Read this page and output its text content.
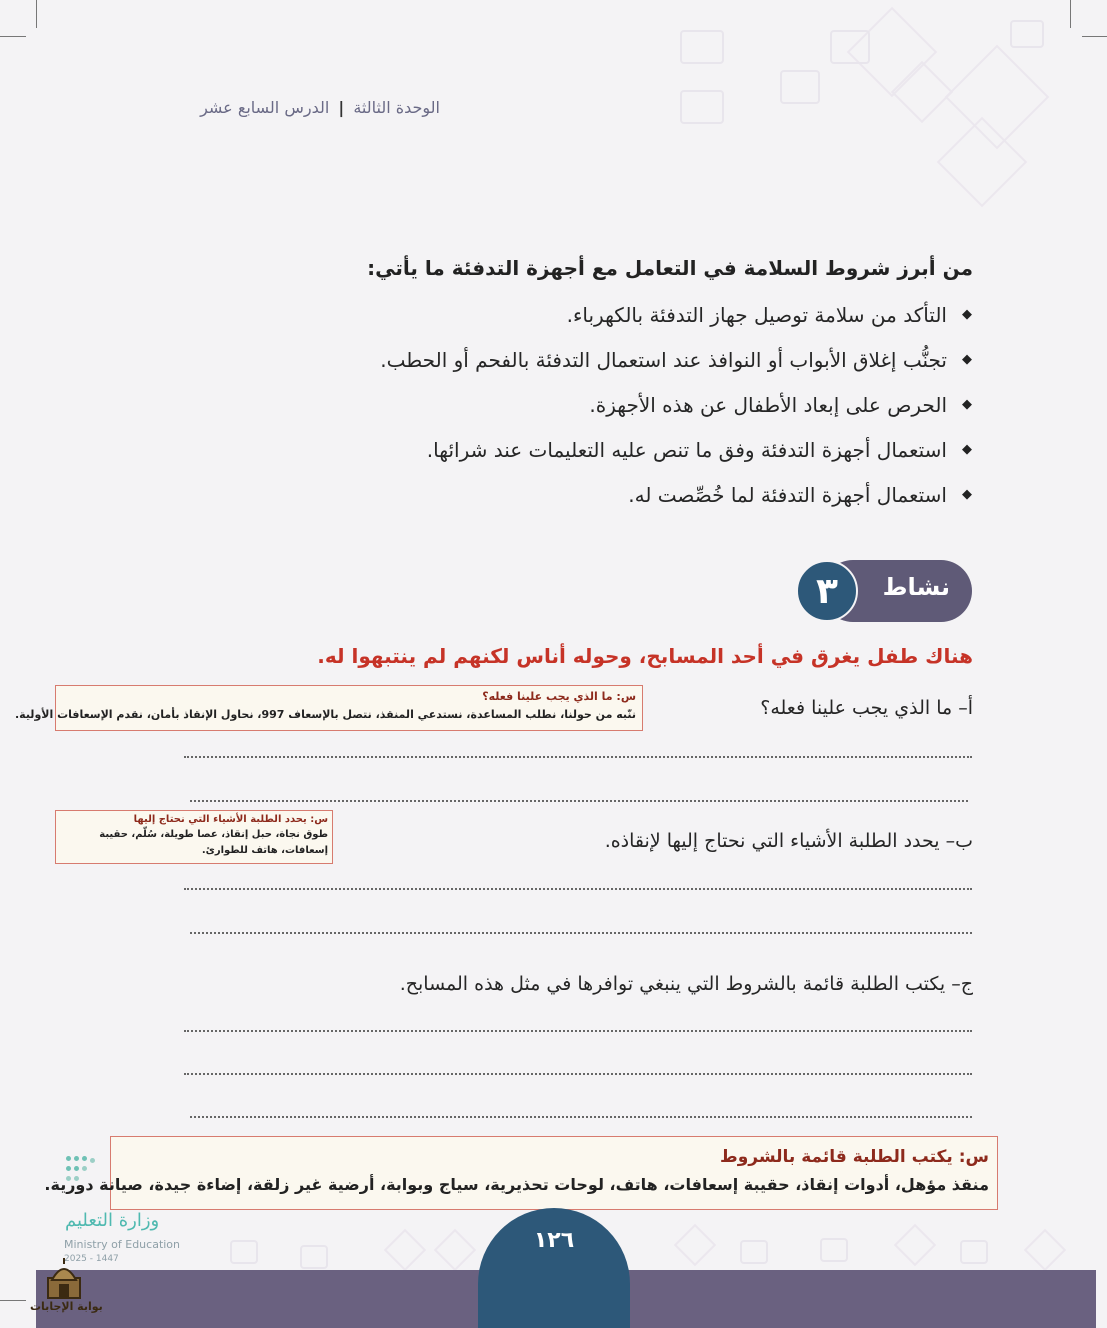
الوحدة الثالثة | الدرس السابع عشر
من أبرز شروط السلامة في التعامل مع أجهزة التدفئة ما يأتي:
◆
التأكد من سلامة توصيل جهاز التدفئة بالكهرباء.
◆
تجنُّب إغلاق الأبواب أو النوافذ عند استعمال التدفئة بالفحم أو الحطب.
◆
الحرص على إبعاد الأطفال عن هذه الأجهزة.
◆
استعمال أجهزة التدفئة وفق ما تنص عليه التعليمات عند شرائها.
◆
استعمال أجهزة التدفئة لما خُصِّصت له.
نشاط
٣
هناك طفل يغرق في أحد المسابح، وحوله أناس لكنهم لم ينتبهوا له.
أ– ما الذي يجب علينا فعله؟
س: ما الذي يجب علينا فعله؟
ننّبه من حولنا، نطلب المساعدة، نستدعي المنقذ، نتصل بالإسعاف 997، نحاول الإنقاذ بأمان، نقدم الإسعافات الأولية.
ب– يحدد الطلبة الأشياء التي نحتاج إليها لإنقاذه.
س: يحدد الطلبة الأشياء التي نحتاج إليها
طوق نجاة، حبل إنقاذ، عصا طويلة، سُلّم، حقيبة إسعافات، هاتف للطوارئ.
ج– يكتب الطلبة قائمة بالشروط التي ينبغي توافرها في مثل هذه المسابح.
وزارة التعليم
Ministry of Education
2025 - 1447
س: يكتب الطلبة قائمة بالشروط
منقذ مؤهل، أدوات إنقاذ، حقيبة إسعافات، هاتف، لوحات تحذيرية، سياج وبوابة، أرضية غير زلقة، إضاءة جيدة، صيانة دورية.
١٢٦
بوابة الإجابات
